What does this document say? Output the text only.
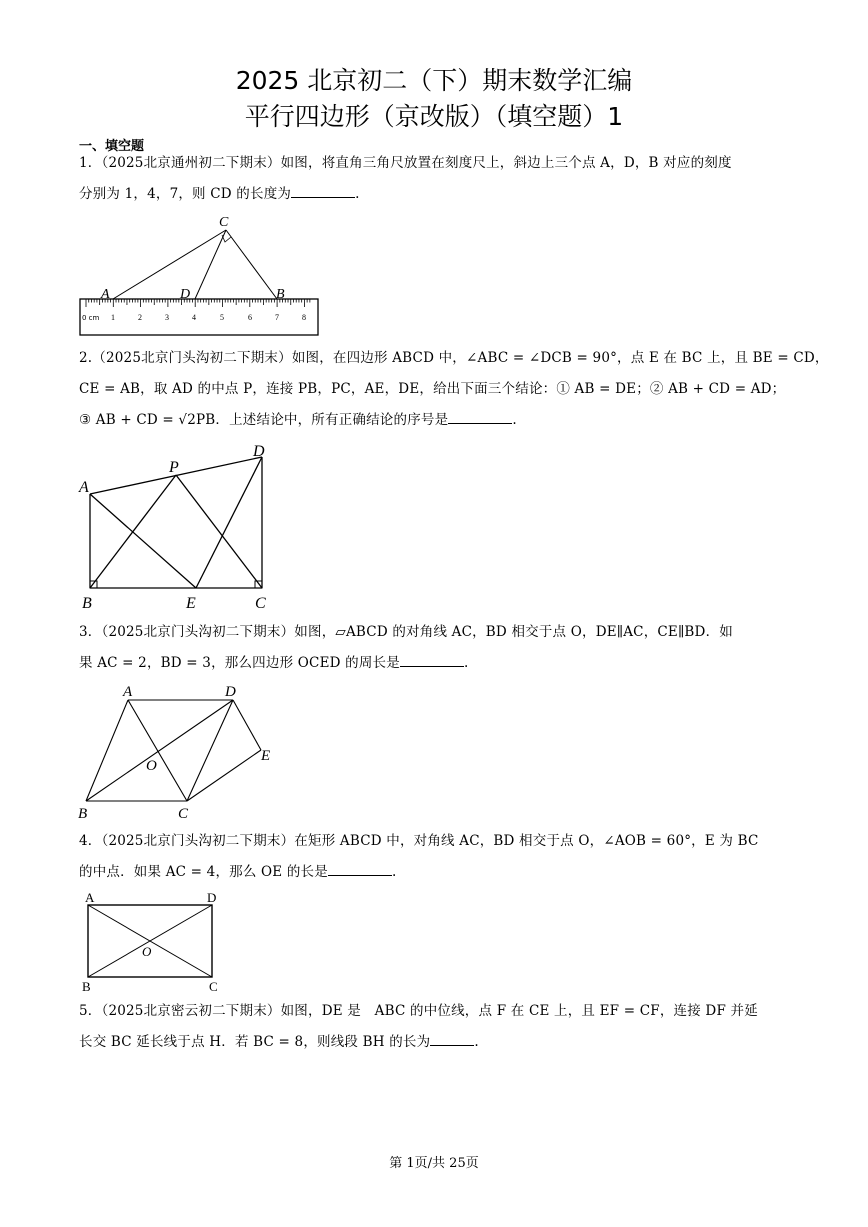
2025 北京初二（下）期末数学汇编
平行四边形（京改版）（填空题）1
一、填空题
1．（2025北京通州初二下期末）如图，将直角三角尺放置在刻度尺上，斜边上三个点 A，D，B 对应的刻度
分别为 1，4，7，则 CD 的长度为	.
0 cm 1	2	3	4	5	6	7	8
C
A	D	B
2.（2025北京门头沟初二下期末）如图，在四边形 ABCD 中，∠ABC = ∠DCB = 90°，点 E 在 BC 上，且 BE = CD，
CE = AB，取 AD 的中点 P，连接 PB，PC，AE，DE，给出下面三个结论：① AB = DE；② AB + CD = AD；
③ AB + CD = √2PB．上述结论中，所有正确结论的序号是	.
A
P
D
B	E	C
3．（2025北京门头沟初二下期末）如图，▱ABCD 的对角线 AC，BD 相交于点 O，DE∥AC，CE∥BD．如
果 AC = 2，BD = 3，那么四边形 OCED 的周长是	.
A	D
O
E
B	C
4．（2025北京门头沟初二下期末）在矩形 ABCD 中，对角线 AC，BD 相交于点 O，∠AOB = 60°，E 为 BC
的中点．如果 AC = 4，那么 OE 的长是	.
A	D
O
B	C
5．（2025北京密云初二下期末）如图，DE 是　ABC 的中位线，点 F 在 CE 上，且 EF = CF，连接 DF 并延
长交 BC 延长线于点 H．若 BC = 8，则线段 BH 的长为	.
第 1页/共 25页
